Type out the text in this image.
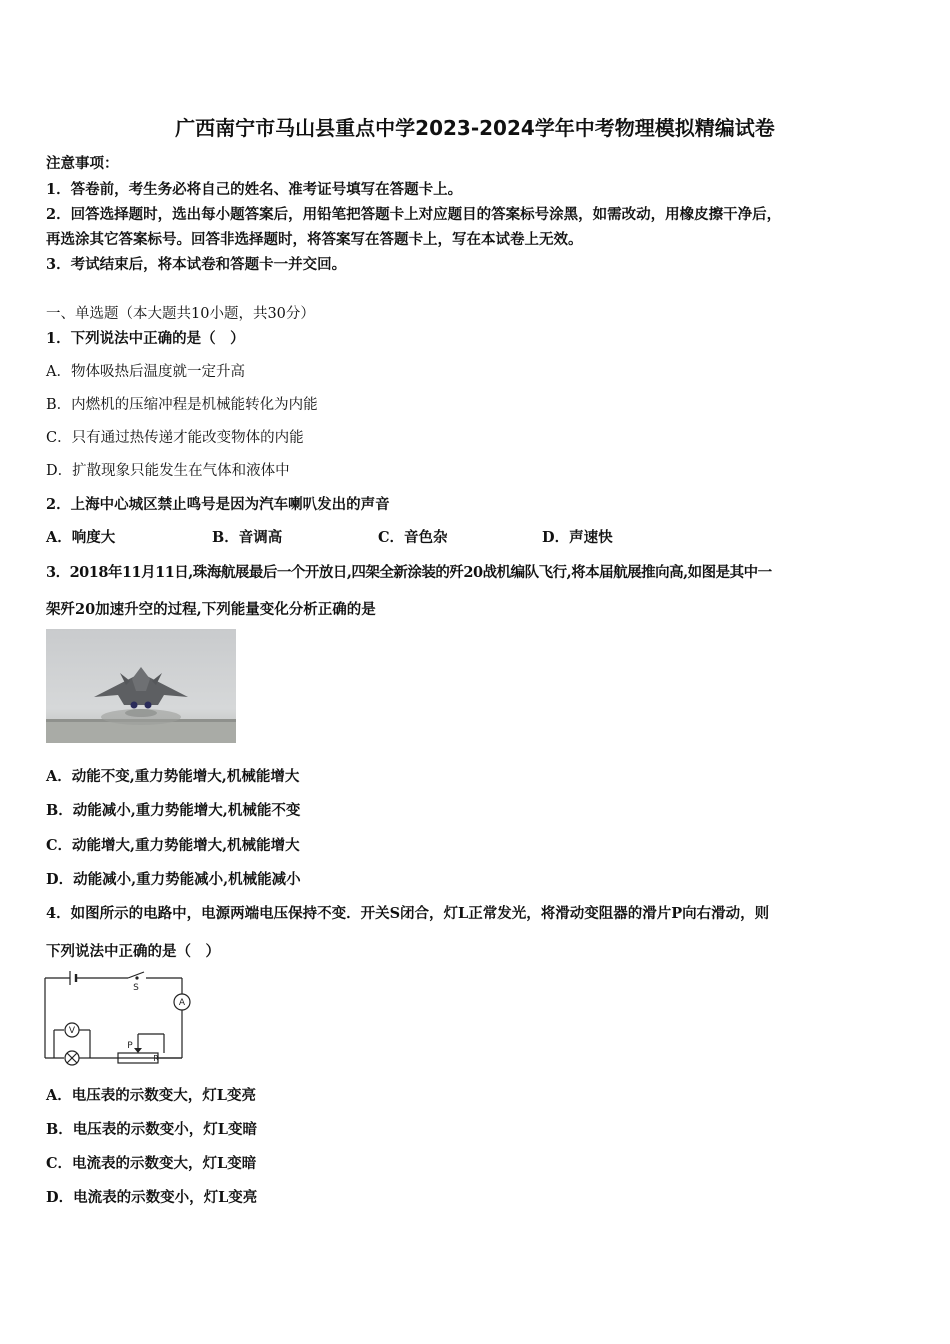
广西南宁市马山县重点中学2023-2024学年中考物理模拟精编试卷
注意事项：
1．答卷前，考生务必将自己的姓名、准考证号填写在答题卡上。
2．回答选择题时，选出每小题答案后，用铅笔把答题卡上对应题目的答案标号涂黑，如需改动，用橡皮擦干净后，
再选涂其它答案标号。回答非选择题时，将答案写在答题卡上，写在本试卷上无效。
3．考试结束后，将本试卷和答题卡一并交回。
一、单选题（本大题共10小题，共30分）
1．下列说法中正确的是（　）
A．物体吸热后温度就一定升高
B．内燃机的压缩冲程是机械能转化为内能
C．只有通过热传递才能改变物体的内能
D．扩散现象只能发生在气体和液体中
2．上海中心城区禁止鸣号是因为汽车喇叭发出的声音
A．响度大	B．音调高	C．音色杂	D．声速快
3．2018年11月11日,珠海航展最后一个开放日,四架全新涂装的歼20战机编队飞行,将本届航展推向高,如图是其中一
架歼20加速升空的过程,下列能量变化分析正确的是
A．动能不变,重力势能增大,机械能增大
B．动能减小,重力势能增大,机械能不变
C．动能增大,重力势能增大,机械能增大
D．动能减小,重力势能减小,机械能减小
4．如图所示的电路中，电源两端电压保持不变．开关S闭合，灯L正常发光，将滑动变阻器的滑片P向右滑动，则
下列说法中正确的是（　）
S
A
V
P
R
A．电压表的示数变大，灯L变亮
B．电压表的示数变小，灯L变暗
C．电流表的示数变大，灯L变暗
D．电流表的示数变小，灯L变亮
